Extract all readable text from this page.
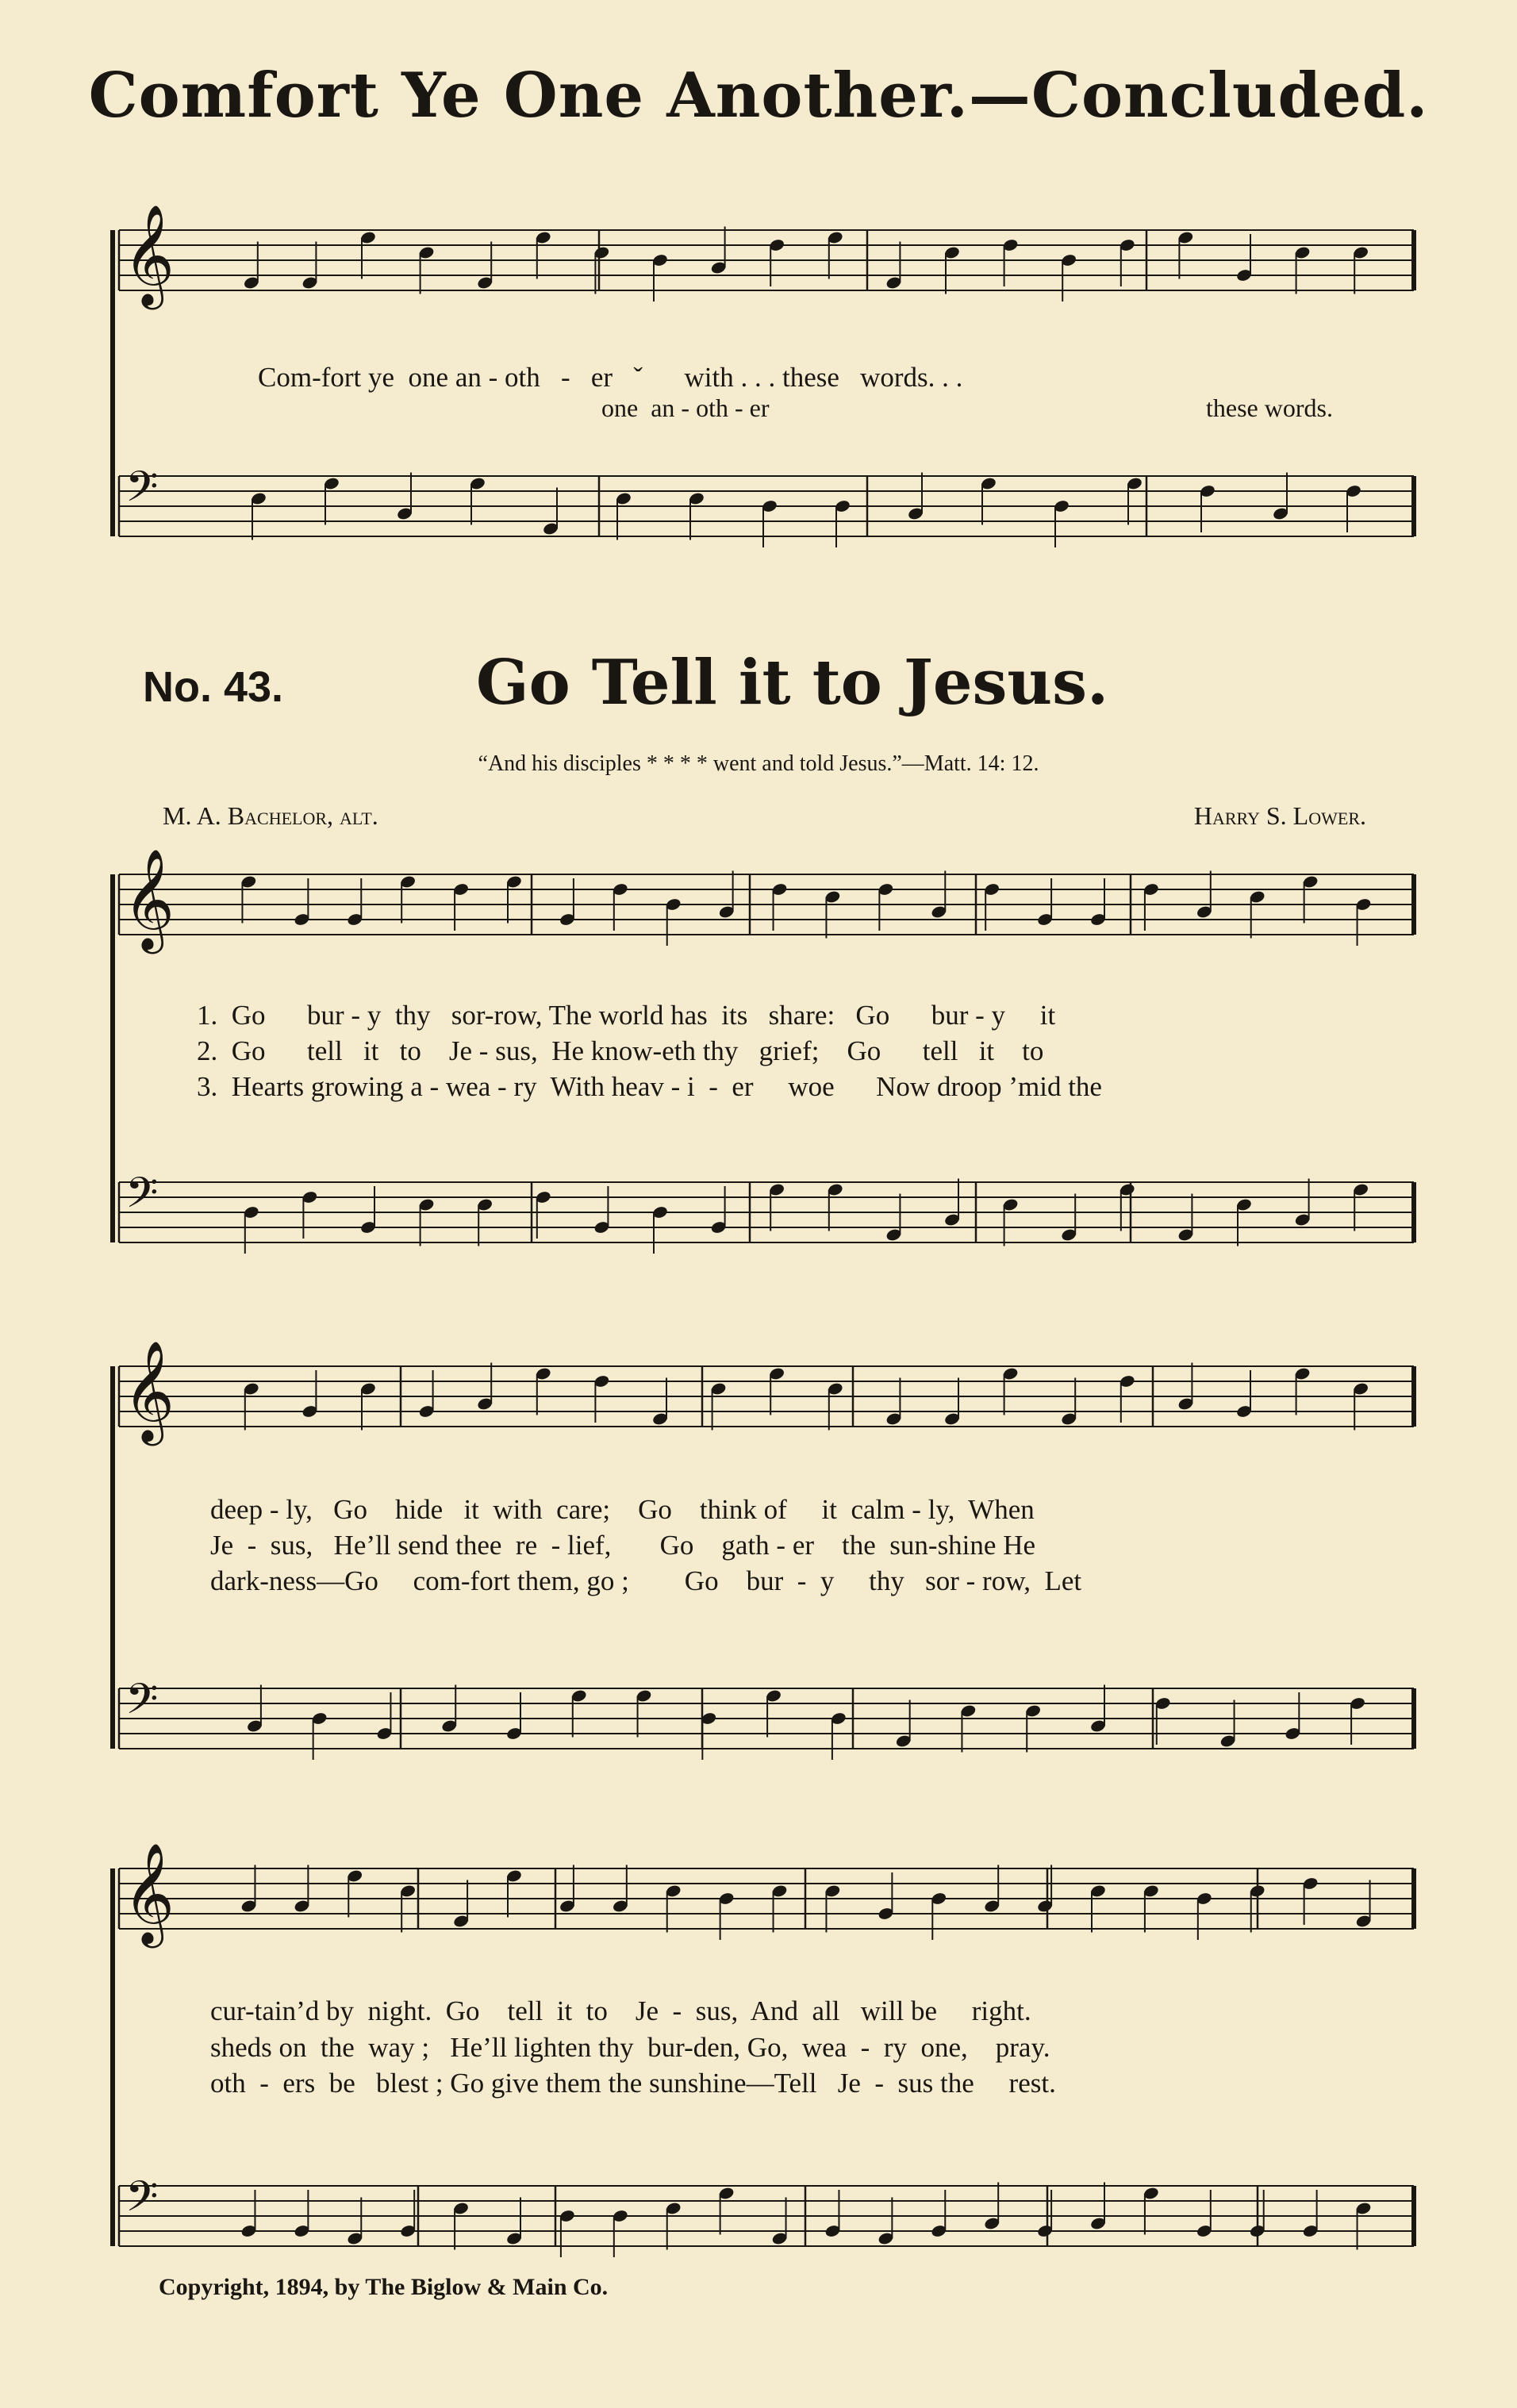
Comfort Ye One Another.—Concluded.
𝄞
𝄢
𝄞
𝄢
𝄞
𝄢
𝄞
𝄢
Com-fort ye  one an - oth   -   er   ˇ      with . . . these   words. . .
one  an - oth - er	these words.
No. 43.	Go Tell it to Jesus.
“And his disciples * * * * went and told Jesus.”—Matt. 14: 12.
M. A. Bachelor, alt.	Harry S. Lower.
1.  Go      bur - y  thy   sor-row, The world has  its   share:   Go      bur - y     it
2.  Go      tell   it   to    Je - sus,  He know-eth thy   grief;    Go      tell   it    to
3.  Hearts growing a - wea - ry  With heav - i  -  er     woe      Now droop ’mid the
deep - ly,   Go    hide   it  with  care;    Go    think of     it  calm - ly,  When
Je  -  sus,   He’ll send thee  re  - lief,       Go    gath - er    the  sun-shine He
dark-ness—Go     com-fort them, go ;        Go    bur  -  y     thy   sor - row,  Let
cur-tain’d by  night.  Go    tell  it  to    Je  -  sus,  And  all   will be     right.
sheds on  the  way ;   He’ll lighten thy  bur-den, Go,  wea  -  ry  one,    pray.
oth  -  ers  be   blest ; Go give them the sunshine—Tell   Je  -  sus the     rest.
Copyright, 1894, by The Biglow & Main Co.
